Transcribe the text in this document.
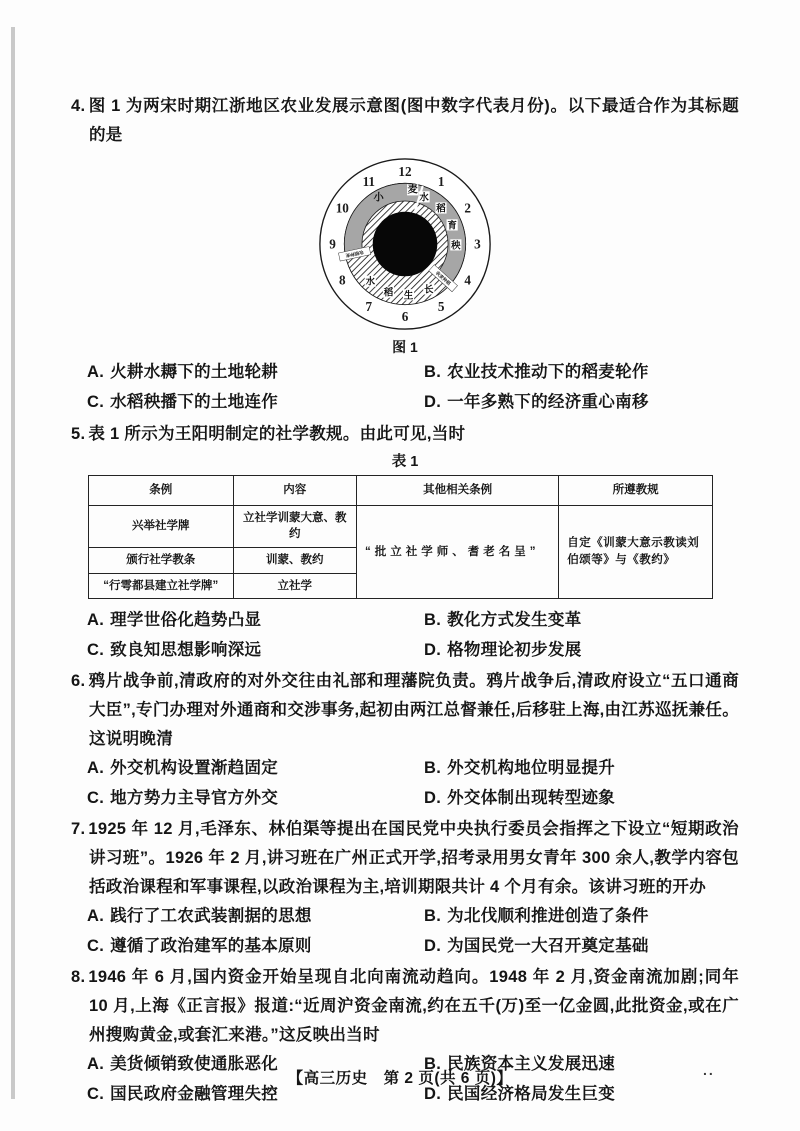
4. 图 1 为两宋时期江浙地区农业发展示意图(图中数字代表月份)。以下最适合作为其标题的是
1
2
3
4
5
6
7
8
9
10
11
12
小
麦
水
稻
育
秧
水
稻 生
长
收麦种稻
收稻种麦
图 1
A. 火耕水耨下的土地轮耕	B. 农业技术推动下的稻麦轮作
C. 水稻秧播下的土地连作	D. 一年多熟下的经济重心南移
5. 表 1 所示为王阳明制定的社学教规。由此可见,当时
表 1
条例	内容	其他相关条例	所遵教规
兴举社学牌	立社学训蒙大意、教约	“批立社学师、耆老名呈”	自定《训蒙大意示教读刘伯颂等》与《教约》
颁行社学教条	训蒙、教约		
“行雩都县建立社学牌”	立社学		
A. 理学世俗化趋势凸显	B. 教化方式发生变革
C. 致良知思想影响深远	D. 格物理论初步发展
6. 鸦片战争前,清政府的对外交往由礼部和理藩院负责。鸦片战争后,清政府设立“五口通商大臣”,专门办理对外通商和交涉事务,起初由两江总督兼任,后移驻上海,由江苏巡抚兼任。这说明晚清
A. 外交机构设置渐趋固定	B. 外交机构地位明显提升
C. 地方势力主导官方外交	D. 外交体制出现转型迹象
7. 1925 年 12 月,毛泽东、林伯渠等提出在国民党中央执行委员会指挥之下设立“短期政治讲习班”。1926 年 2 月,讲习班在广州正式开学,招考录用男女青年 300 余人,教学内容包括政治课程和军事课程,以政治课程为主,培训期限共计 4 个月有余。该讲习班的开办
A. 践行了工农武装割据的思想	B. 为北伐顺利推进创造了条件
C. 遵循了政治建军的基本原则	D. 为国民党一大召开奠定基础
8. 1946 年 6 月,国内资金开始呈现自北向南流动趋向。1948 年 2 月,资金南流加剧;同年 10 月,上海《正言报》报道:“近周沪资金南流,约在五千(万)至一亿金圆,此批资金,或在广州搜购黄金,或套汇来港。”这反映出当时
A. 美货倾销致使通胀恶化	B. 民族资本主义发展迅速
C. 国民政府金融管理失控	D. 民国经济格局发生巨变
【高三历史　第 2 页(共 6 页)】	..
